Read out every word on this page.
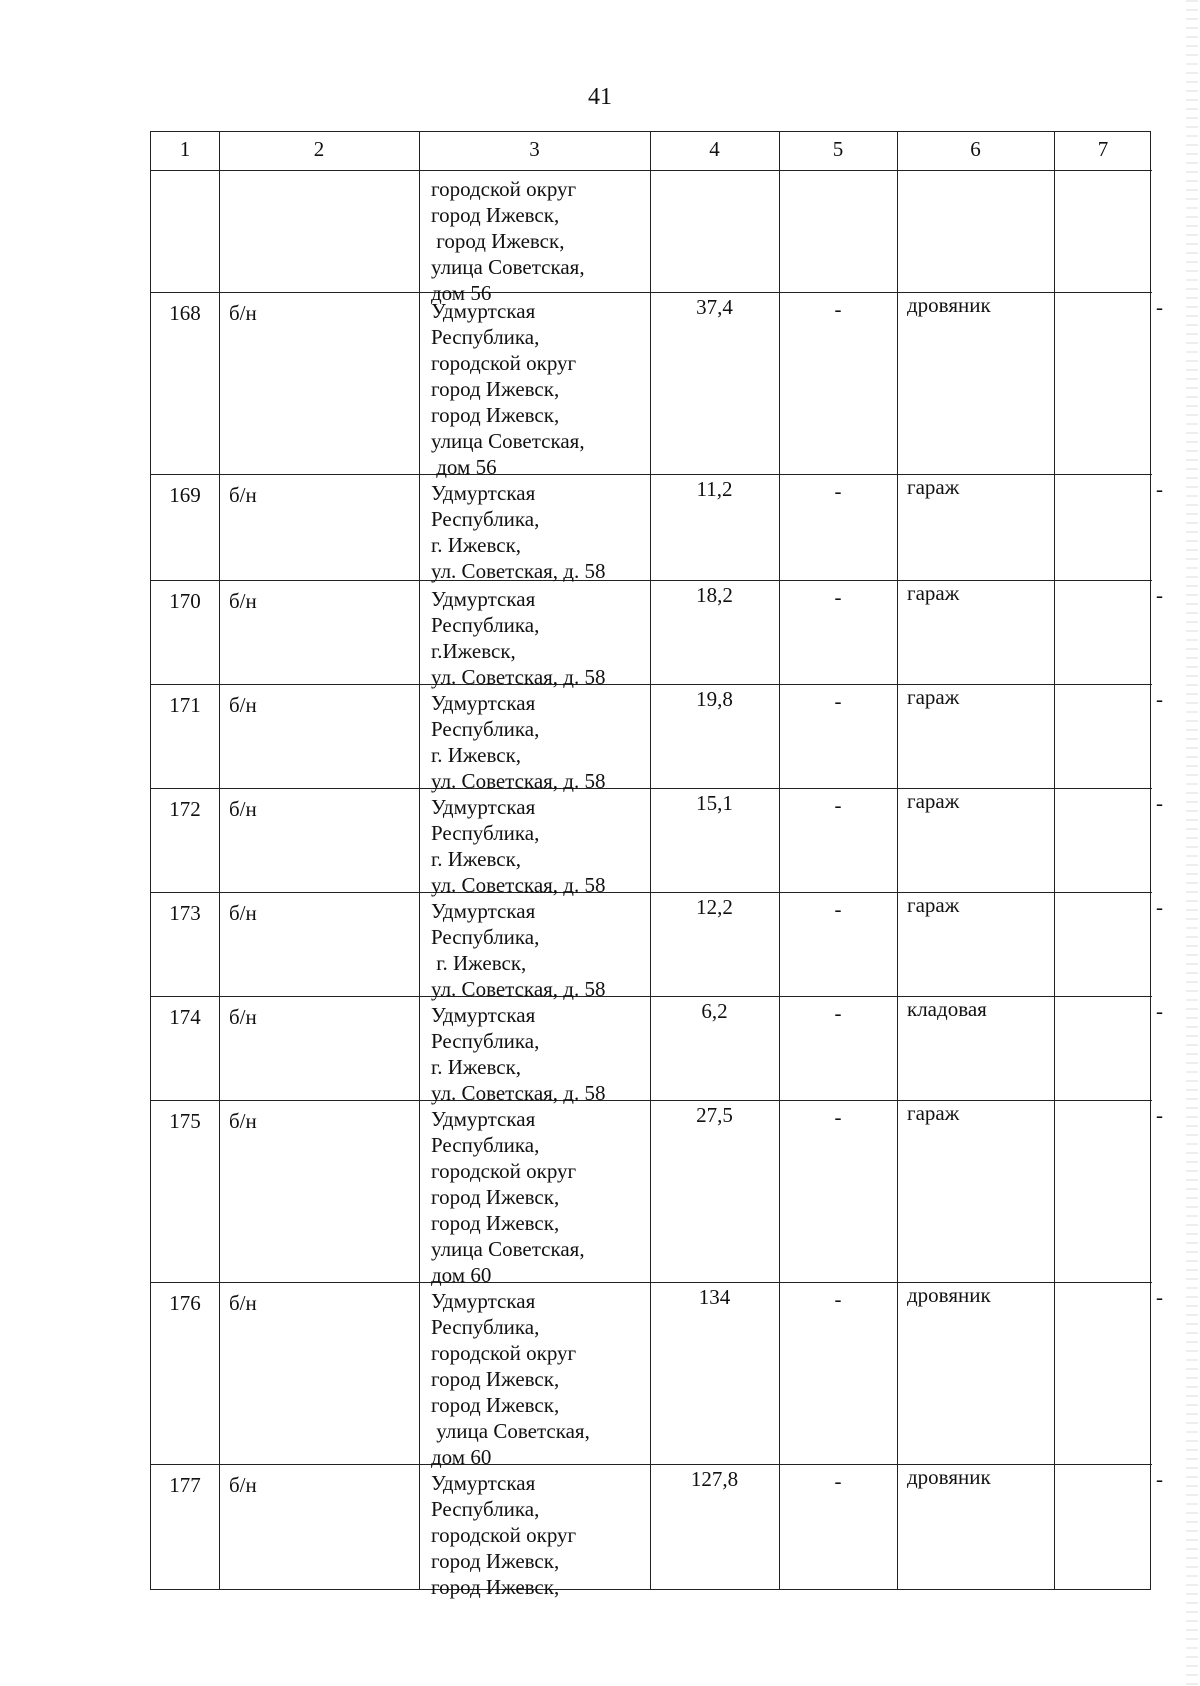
41
1	2	3	4	5	6	7
городской округ
город Ижевск,
город Ижевск,
улица Советская,
дом 56
168	б/н	Удмуртская
Республика,
городской округ
город Ижевск,
город Ижевск,
улица Советская,
дом 56
37,4	-	дровяник	-
169	б/н	Удмуртская
Республика,
г. Ижевск,
ул. Советская, д. 58
11,2	-	гараж	-
170	б/н	Удмуртская
Республика,
г.Ижевск,
ул. Советская, д. 58
18,2	-	гараж	-
171	б/н	Удмуртская
Республика,
г. Ижевск,
ул. Советская, д. 58
19,8	-	гараж	-
172	б/н	Удмуртская
Республика,
г. Ижевск,
ул. Советская, д. 58
15,1	-	гараж	-
173	б/н	Удмуртская
Республика,
г. Ижевск,
ул. Советская, д. 58
12,2	-	гараж	-
174	б/н	Удмуртская
Республика,
г. Ижевск,
ул. Советская, д. 58
6,2	-	кладовая	-
175	б/н	Удмуртская
Республика,
городской округ
город Ижевск,
город Ижевск,
улица Советская,
дом 60
27,5	-	гараж	-
176	б/н	Удмуртская
Республика,
городской округ
город Ижевск,
город Ижевск,
улица Советская,
дом 60
134	-	дровяник	-
177	б/н	Удмуртская
Республика,
городской округ
город Ижевск,
город Ижевск,
127,8	-	дровяник	-
